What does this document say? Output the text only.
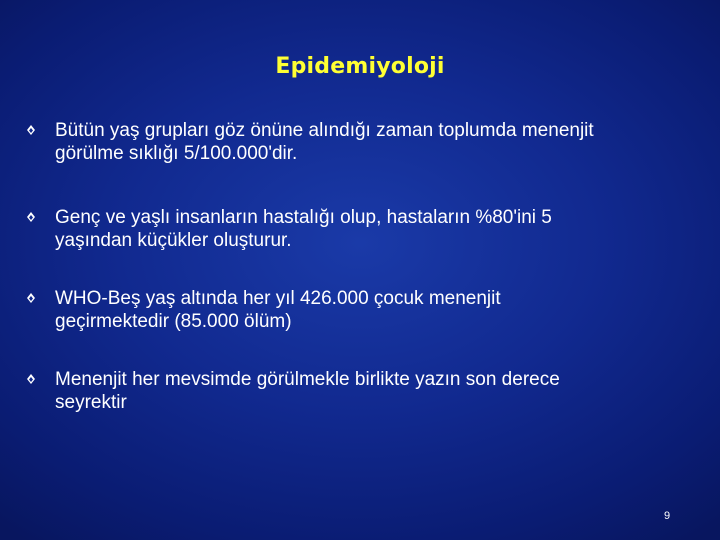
Epidemiyoloji
Bütün yaş grupları göz önüne alındığı zaman toplumda menenjit
görülme sıklığı 5/100.000'dir.
Genç ve yaşlı insanların hastalığı olup, hastaların %80'ini 5
yaşından küçükler oluşturur.
WHO-Beş yaş altında her yıl 426.000 çocuk menenjit
geçirmektedir (85.000 ölüm)
Menenjit her mevsimde görülmekle birlikte yazın son derece
seyrektir
9
